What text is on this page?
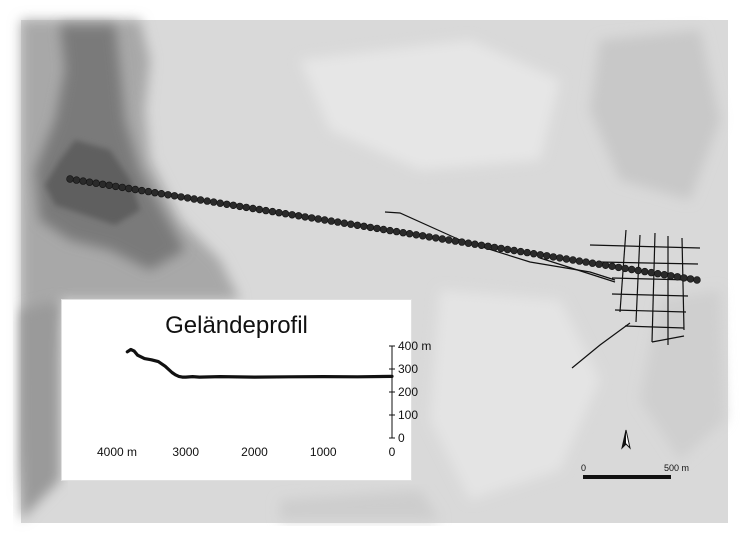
Geländeprofil
0
100
200
300
400 m
4000 m	3000	2000	1000	0
0	500 m
